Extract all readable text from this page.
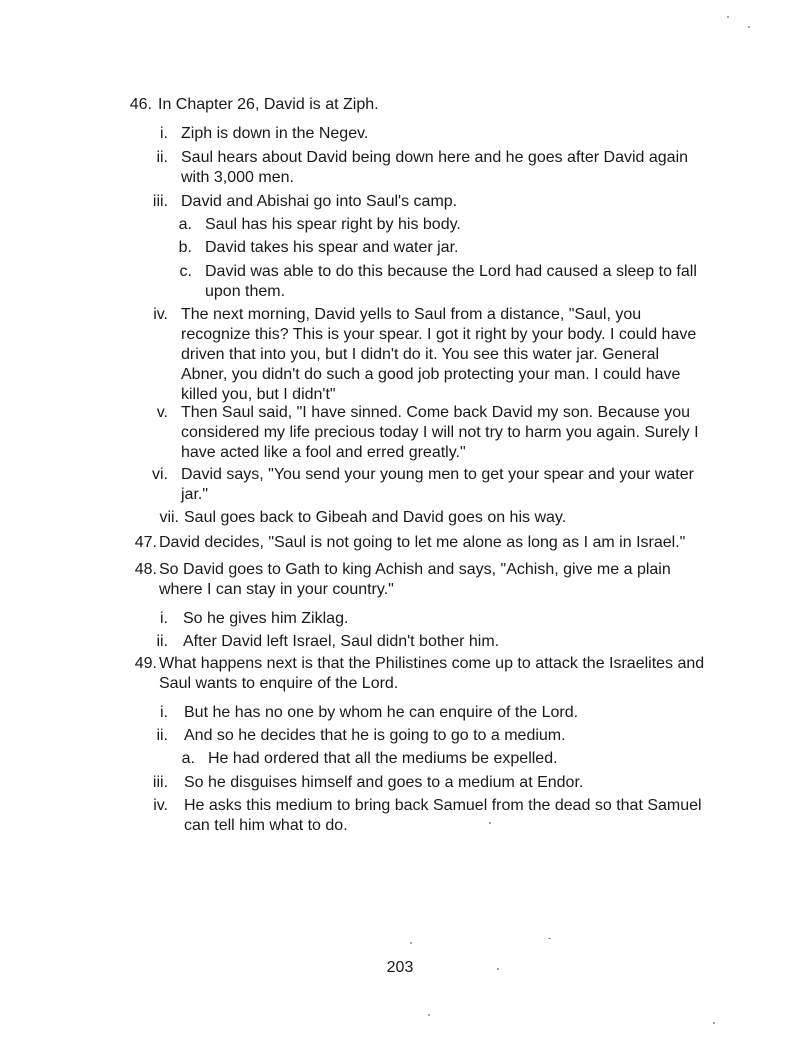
46. In Chapter 26, David is at Ziph.
i. Ziph is down in the Negev.
ii. Saul hears about David being down here and he goes after David again
with 3,000 men.
iii. David and Abishai go into Saul's camp.
a. Saul has his spear right by his body.
b. David takes his spear and water jar.
c. David was able to do this because the Lord had caused a sleep to fall
upon them.
iv. The next morning, David yells to Saul from a distance, "Saul, you
recognize this? This is your spear. I got it right by your body. I could have
driven that into you, but I didn't do it. You see this water jar. General
Abner, you didn't do such a good job protecting your man. I could have
killed you, but I didn't"
v. Then Saul said, "I have sinned. Come back David my son. Because you
considered my life precious today I will not try to harm you again. Surely I
have acted like a fool and erred greatly."
vi. David says, "You send your young men to get your spear and your water
jar."
vii. Saul goes back to Gibeah and David goes on his way.
47. David decides, "Saul is not going to let me alone as long as I am in Israel."
48. So David goes to Gath to king Achish and says, "Achish, give me a plain
where I can stay in your country."
i. So he gives him Ziklag.
ii. After David left Israel, Saul didn't bother him.
49. What happens next is that the Philistines come up to attack the Israelites and
Saul wants to enquire of the Lord.
i. But he has no one by whom he can enquire of the Lord.
ii. And so he decides that he is going to go to a medium.
a. He had ordered that all the mediums be expelled.
iii. So he disguises himself and goes to a medium at Endor.
iv. He asks this medium to bring back Samuel from the dead so that Samuel
can tell him what to do.
203
